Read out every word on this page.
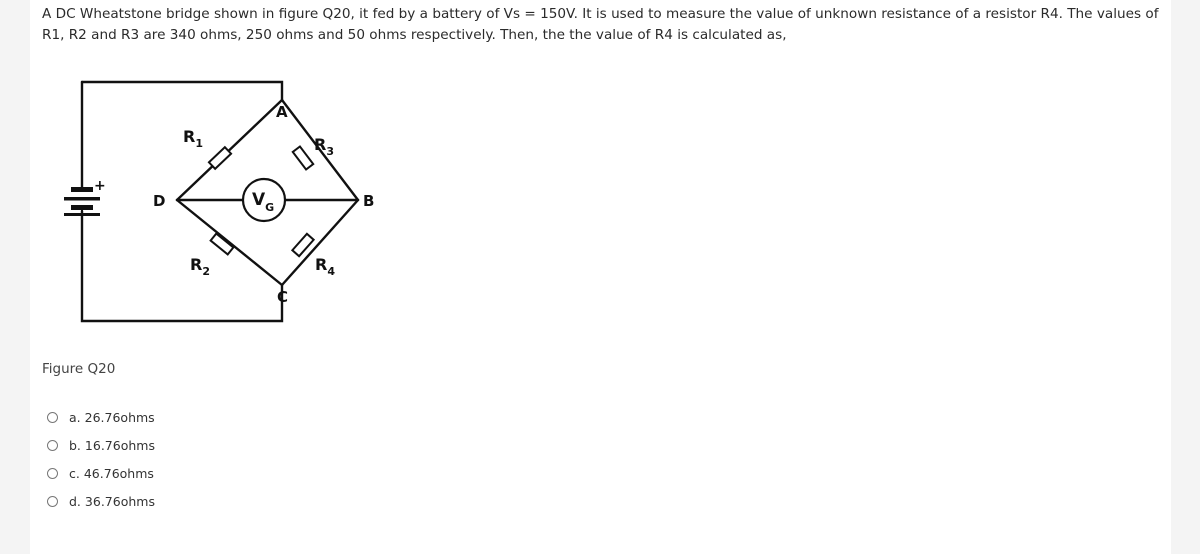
A DC Wheatstone bridge shown in figure Q20, it fed by a battery of Vs = 150V. It is used to measure the value of unknown resistance of a resistor R4. The values of R1, R2 and R3 are 340 ohms, 250 ohms and 50 ohms respectively. Then, the the value of R4 is calculated as,
+
$V_G$
A
B
C
D
$R_1$	$R_3$
$R_2$	$R_4$
Figure Q20
a. 26.76ohms
b. 16.76ohms
c. 46.76ohms
d. 36.76ohms
